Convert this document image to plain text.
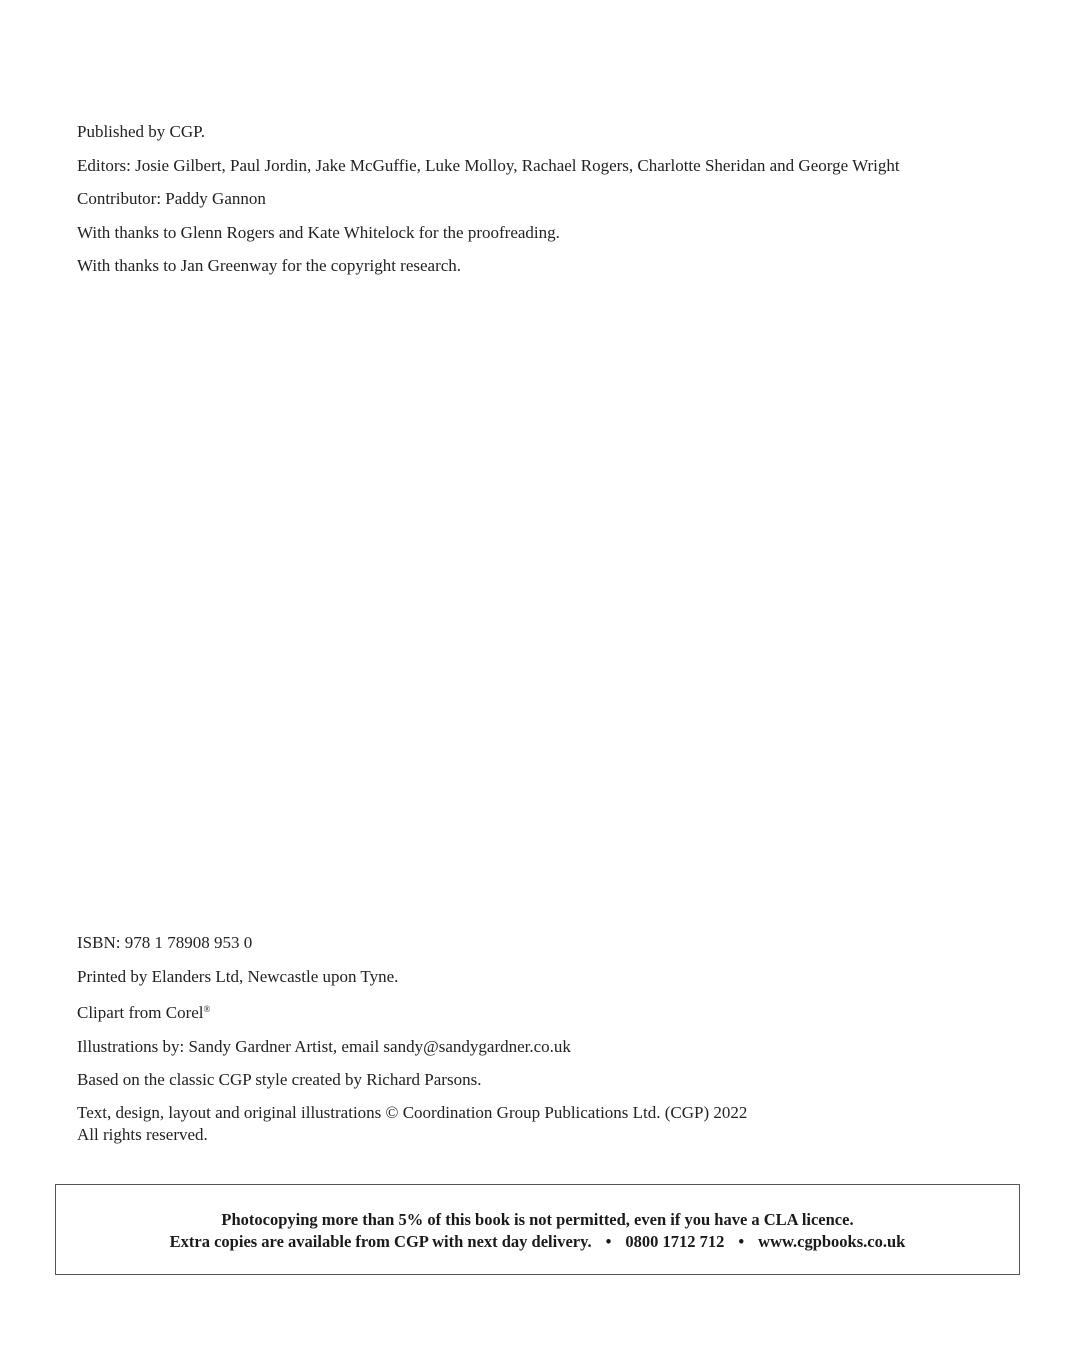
Published by CGP.

Editors: Josie Gilbert, Paul Jordin, Jake McGuffie, Luke Molloy, Rachael Rogers, Charlotte Sheridan and George Wright

Contributor: Paddy Gannon

With thanks to Glenn Rogers and Kate Whitelock for the proofreading.

With thanks to Jan Greenway for the copyright research.

ISBN: 978 1 78908 953 0

Printed by Elanders Ltd, Newcastle upon Tyne.

Clipart from Corel®

Illustrations by: Sandy Gardner Artist, email sandy@sandygardner.co.uk

Based on the classic CGP style created by Richard Parsons.

Text, design, layout and original illustrations © Coordination Group Publications Ltd. (CGP) 2022
All rights reserved.

Photocopying more than 5% of this book is not permitted, even if you have a CLA licence.
Extra copies are available from CGP with next day delivery. • 0800 1712 712 • www.cgpbooks.co.uk
